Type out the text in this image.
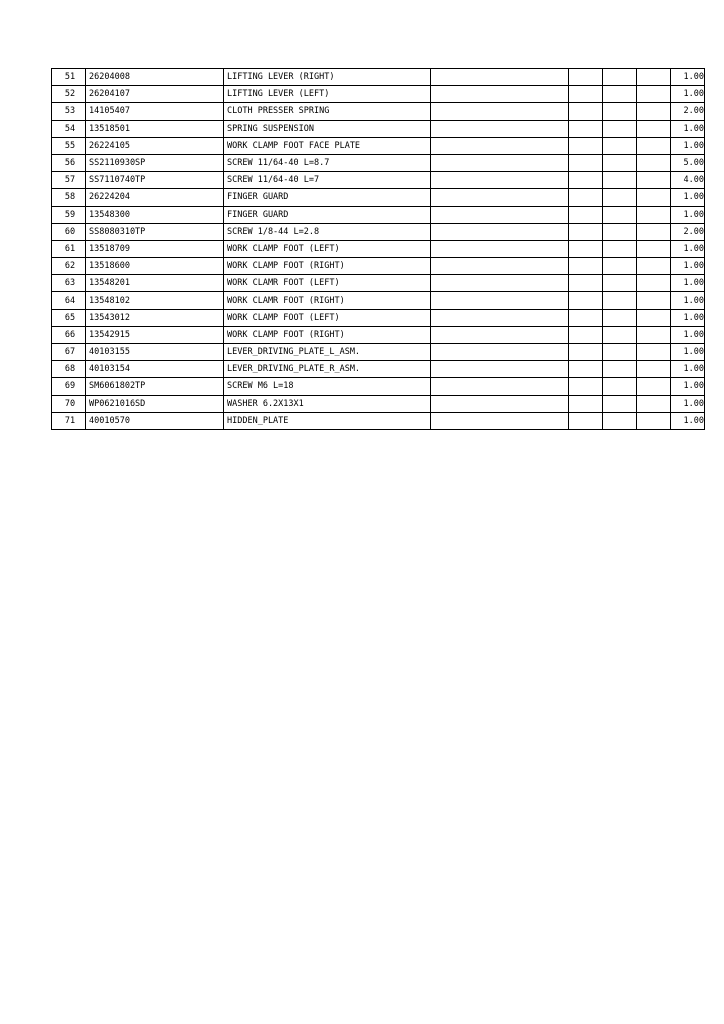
51	26204008	LIFTING LEVER (RIGHT)					1.00
52	26204107	LIFTING LEVER (LEFT)					1.00
53	14105407	CLOTH PRESSER SPRING					2.00
54	13518501	SPRING SUSPENSION					1.00
55	26224105	WORK CLAMP FOOT FACE PLATE					1.00
56	SS2110930SP	SCREW 11/64-40 L=8.7					5.00
57	SS7110740TP	SCREW 11/64-40 L=7					4.00
58	26224204	FINGER GUARD					1.00
59	13548300	FINGER GUARD					1.00
60	SS8080310TP	SCREW 1/8-44 L=2.8					2.00
61	13518709	WORK CLAMP FOOT (LEFT)					1.00
62	13518600	WORK CLAMP FOOT (RIGHT)					1.00
63	13548201	WORK CLAMR FOOT (LEFT)					1.00
64	13548102	WORK CLAMR FOOT (RIGHT)					1.00
65	13543012	WORK CLAMP FOOT (LEFT)					1.00
66	13542915	WORK CLAMP FOOT (RIGHT)					1.00
67	40103155	LEVER_DRIVING_PLATE_L_ASM.					1.00
68	40103154	LEVER_DRIVING_PLATE_R_ASM.					1.00
69	SM6061802TP	SCREW M6 L=18					1.00
70	WP0621016SD	WASHER 6.2X13X1					1.00
71	40010570	HIDDEN_PLATE					1.00
